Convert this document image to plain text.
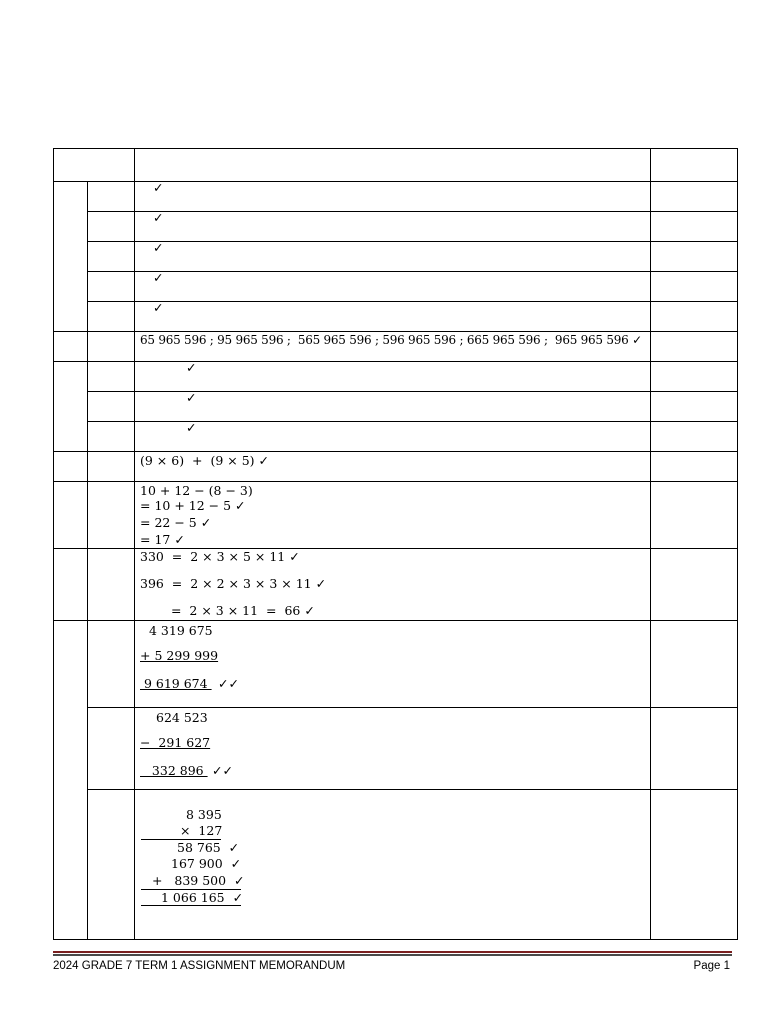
✓
✓
✓
✓
✓
65 965 596 ; 95 965 596 ;  565 965 596 ; 596 965 596 ; 665 965 596 ;  965 965 596 ✓
✓
✓
✓
(9 × 6)  +  (9 × 5) ✓
10 + 12 − (8 − 3)
= 10 + 12 − 5 ✓
= 22 − 5 ✓
= 17 ✓
330  =  2 × 3 × 5 × 11 ✓
396  =  2 × 2 × 3 × 3 × 11 ✓
=  2 × 3 × 11  =  66 ✓
4 319 675
+ 5 299 999
9 619 674 ✓✓
624 523
−  291 627
332 896 ✓✓
8 395
×  127
58 765  ✓
167 900  ✓
+   839 500  ✓
1 066 165  ✓
2024 GRADE 7 TERM 1 ASSIGNMENT MEMORANDUM	Page 1
